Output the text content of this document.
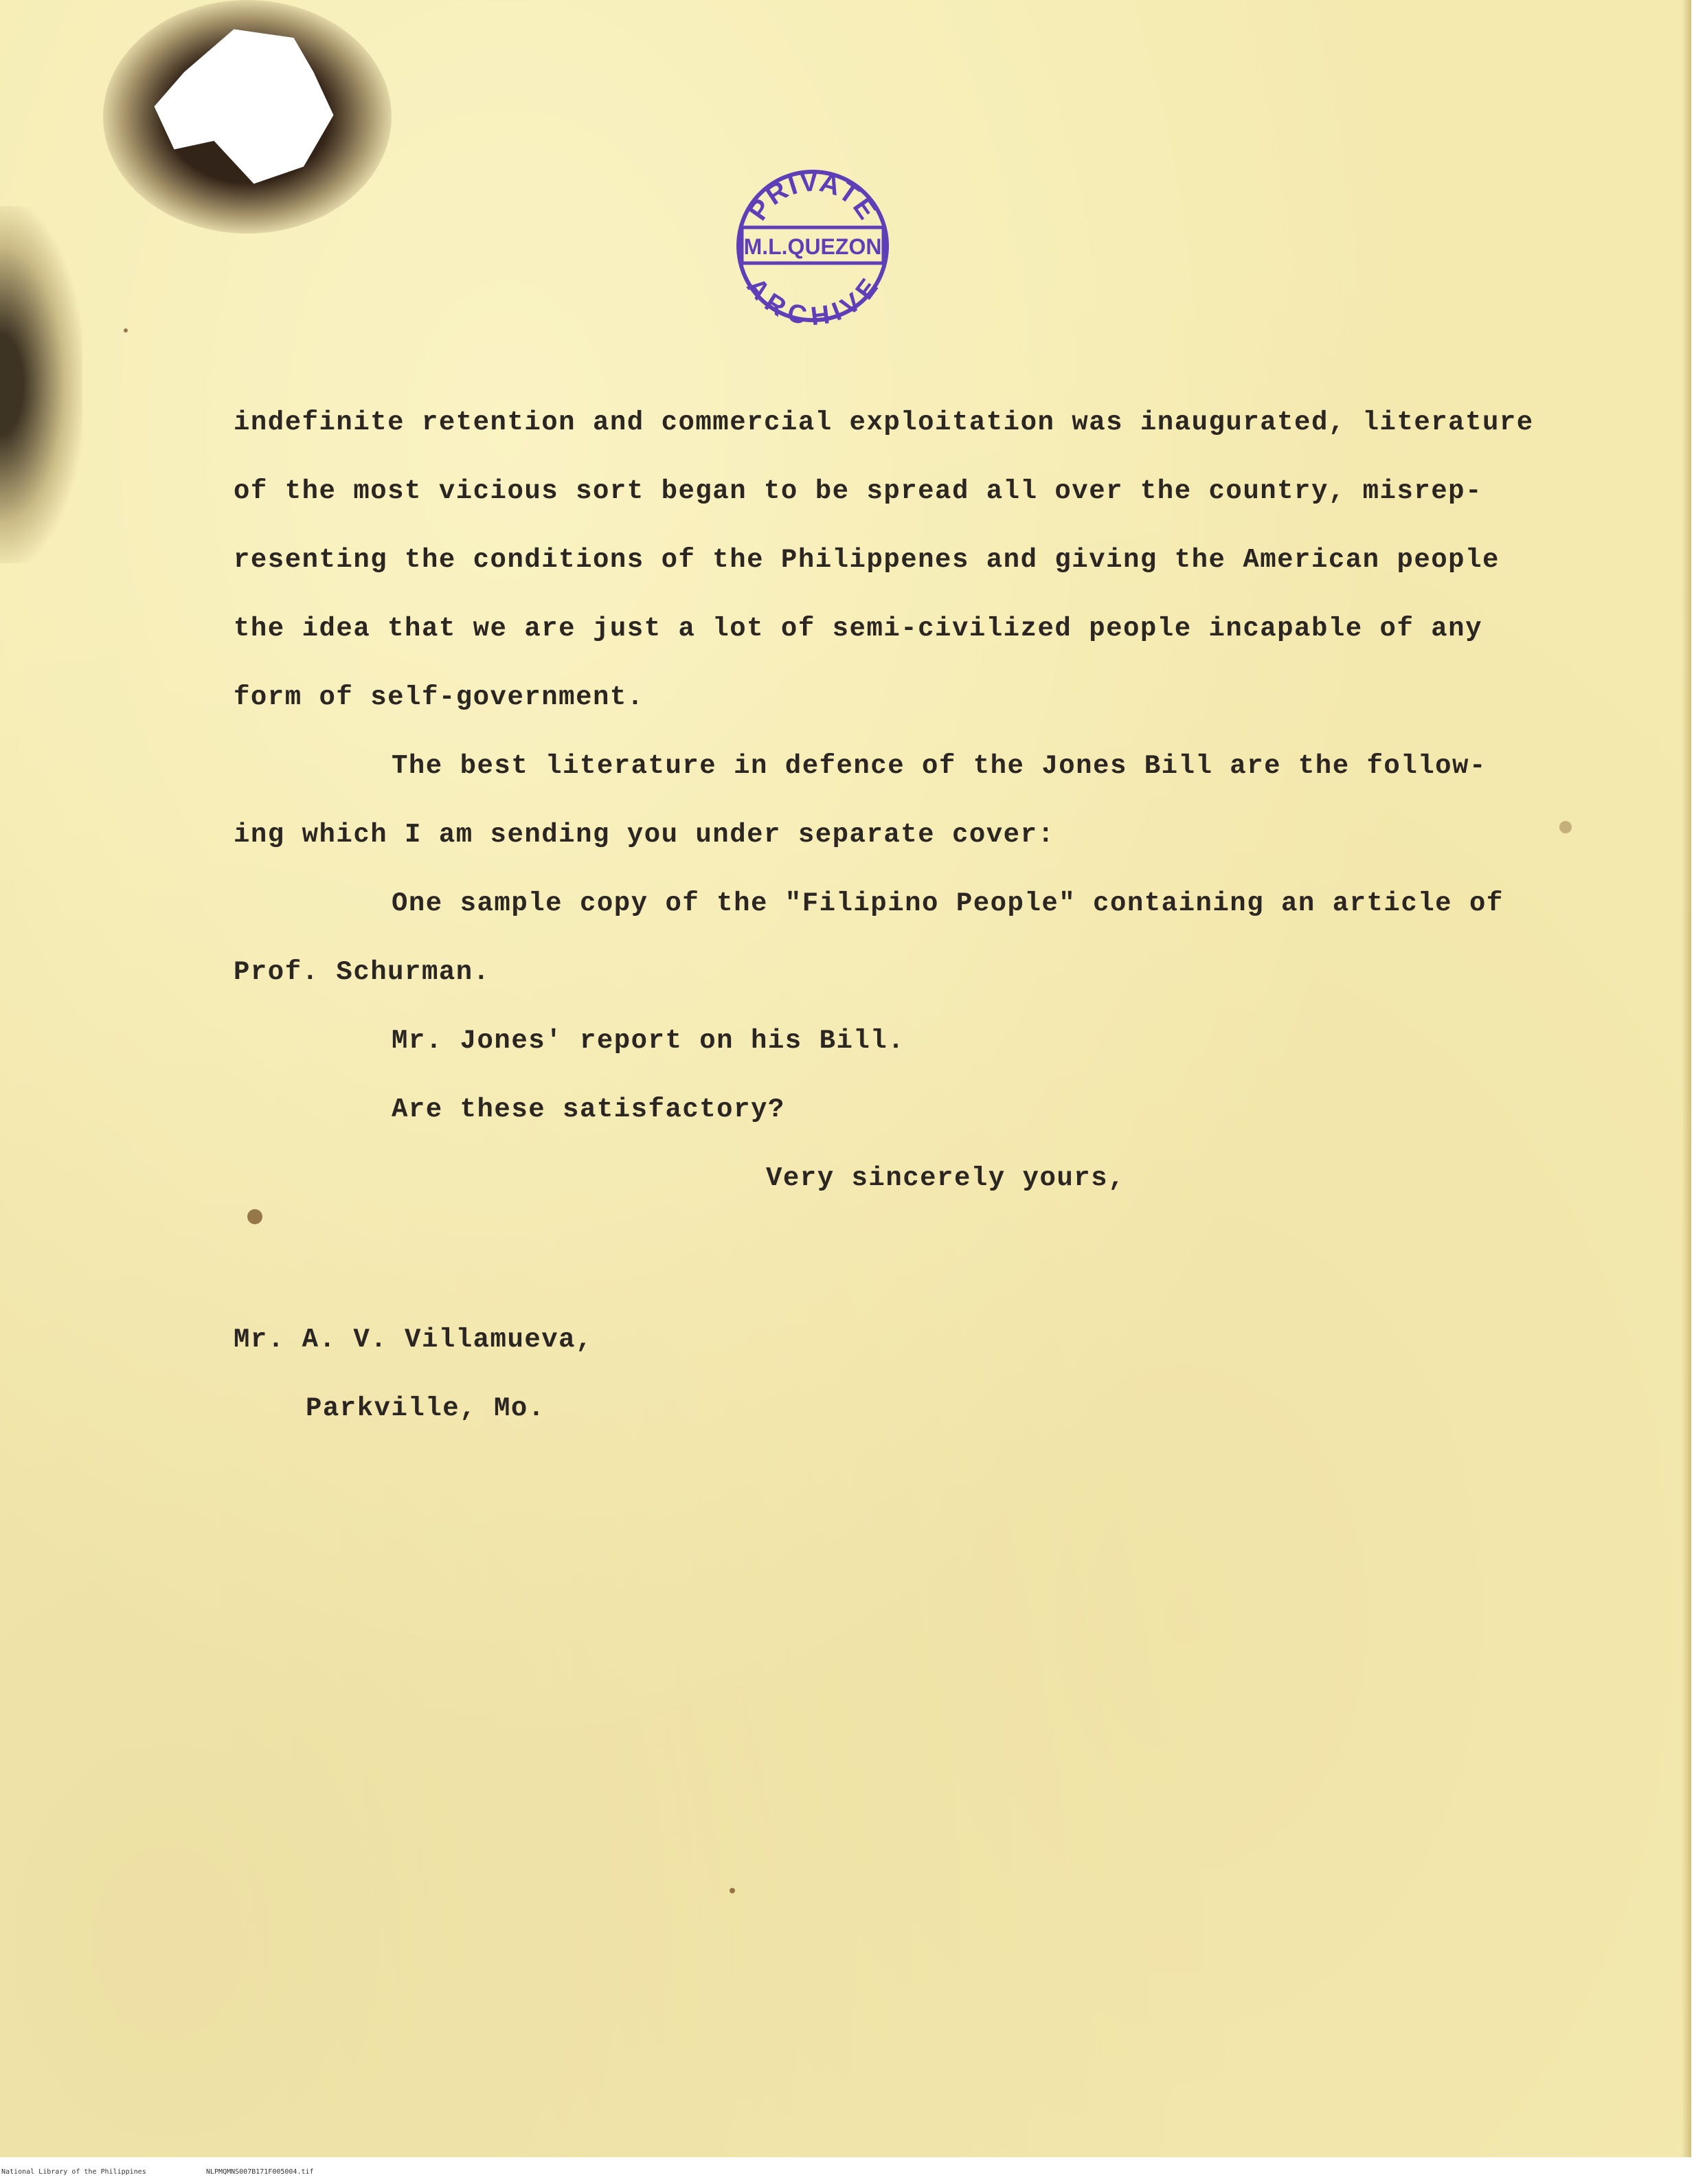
PRIVATE
M.L.QUEZON
ARCHIVE
indefinite retention and commercial exploitation was inaugurated, literature
of the most vicious sort began to be spread all over the country, misrep-
resenting the conditions of the Philippenes and giving the American people
the idea that we are just a lot of semi-civilized people incapable of any
form of self-government.
The best literature in defence of the Jones Bill are the follow-
ing which I am sending you under separate cover:
One sample copy of the "Filipino People" containing an article of
Prof. Schurman.
Mr. Jones' report on his Bill.
Are these satisfactory?
Very sincerely yours,
Mr. A. V. Villamueva,
Parkville, Mo.
National Library of the Philippines	NLPMQMNS007B171F005004.tif
